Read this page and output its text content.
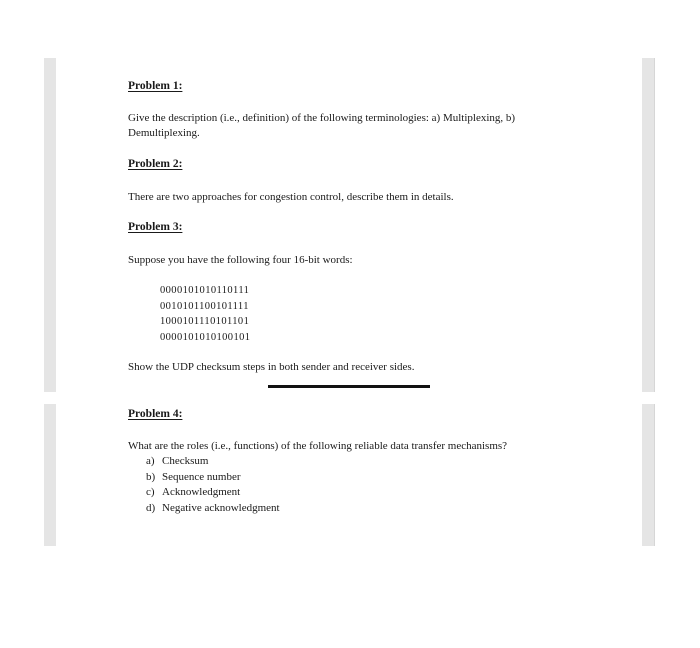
Problem 1:
Give the description (i.e., definition) of the following terminologies: a) Multiplexing, b)
Demultiplexing.
Problem 2:
There are two approaches for congestion control, describe them in details.
Problem 3:
Suppose you have the following four 16-bit words:
0000101010110111
0010101100101111
1000101110101101
0000101010100101
Show the UDP checksum steps in both sender and receiver sides.
Problem 4:
What are the roles (i.e., functions) of the following reliable data transfer mechanisms?
a) Checksum
b) Sequence number
c) Acknowledgment
d) Negative acknowledgment
